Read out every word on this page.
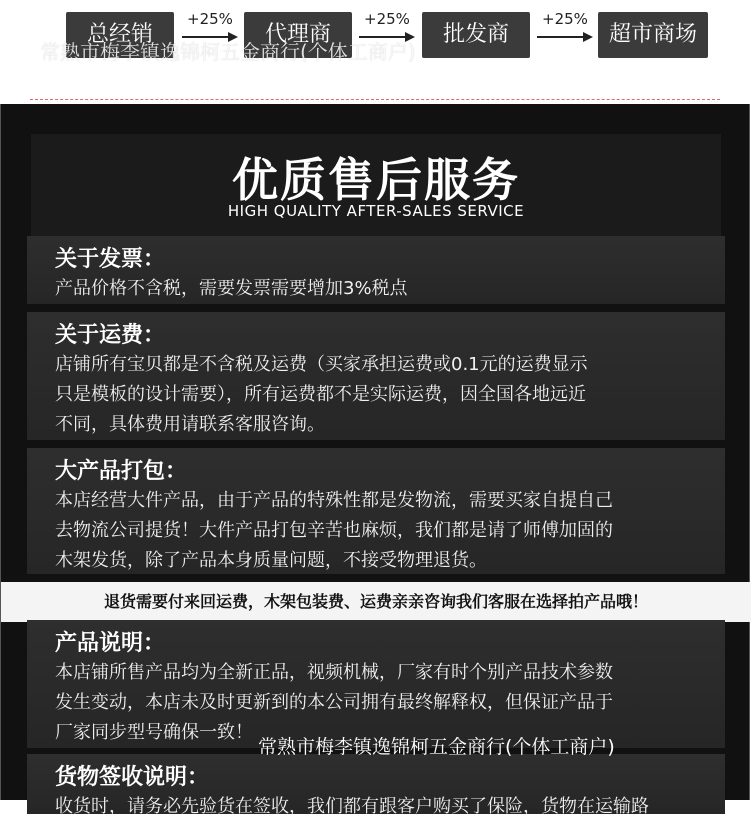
总经销
+25%
代理商
+25%
批发商
+25%
超市商场
常熟市梅李镇逸锦柯五金商行(个体工商户)
优质售后服务
HIGH QUALITY AFTER-SALES SERVICE
关于发票：
产品价格不含税，需要发票需要增加3%税点
关于运费：
店铺所有宝贝都是不含税及运费（买家承担运费或0.1元的运费显示
只是模板的设计需要），所有运费都不是实际运费，因全国各地远近
不同，具体费用请联系客服咨询。
大产品打包：
本店经营大件产品，由于产品的特殊性都是发物流，需要买家自提自己
去物流公司提货！大件产品打包辛苦也麻烦，我们都是请了师傅加固的
木架发货，除了产品本身质量问题，不接受物理退货。
退货需要付来回运费，木架包装费、运费亲亲咨询我们客服在选择拍产品哦！
产品说明：
本店铺所售产品均为全新正品，视频机械，厂家有时个别产品技术参数
发生变动，本店未及时更新到的本公司拥有最终解释权，但保证产品于
厂家同步型号确保一致！
货物签收说明：
收货时，请务必先验货在签收，我们都有跟客户购买了保险，货物在运输路
常熟市梅李镇逸锦柯五金商行(个体工商户)
